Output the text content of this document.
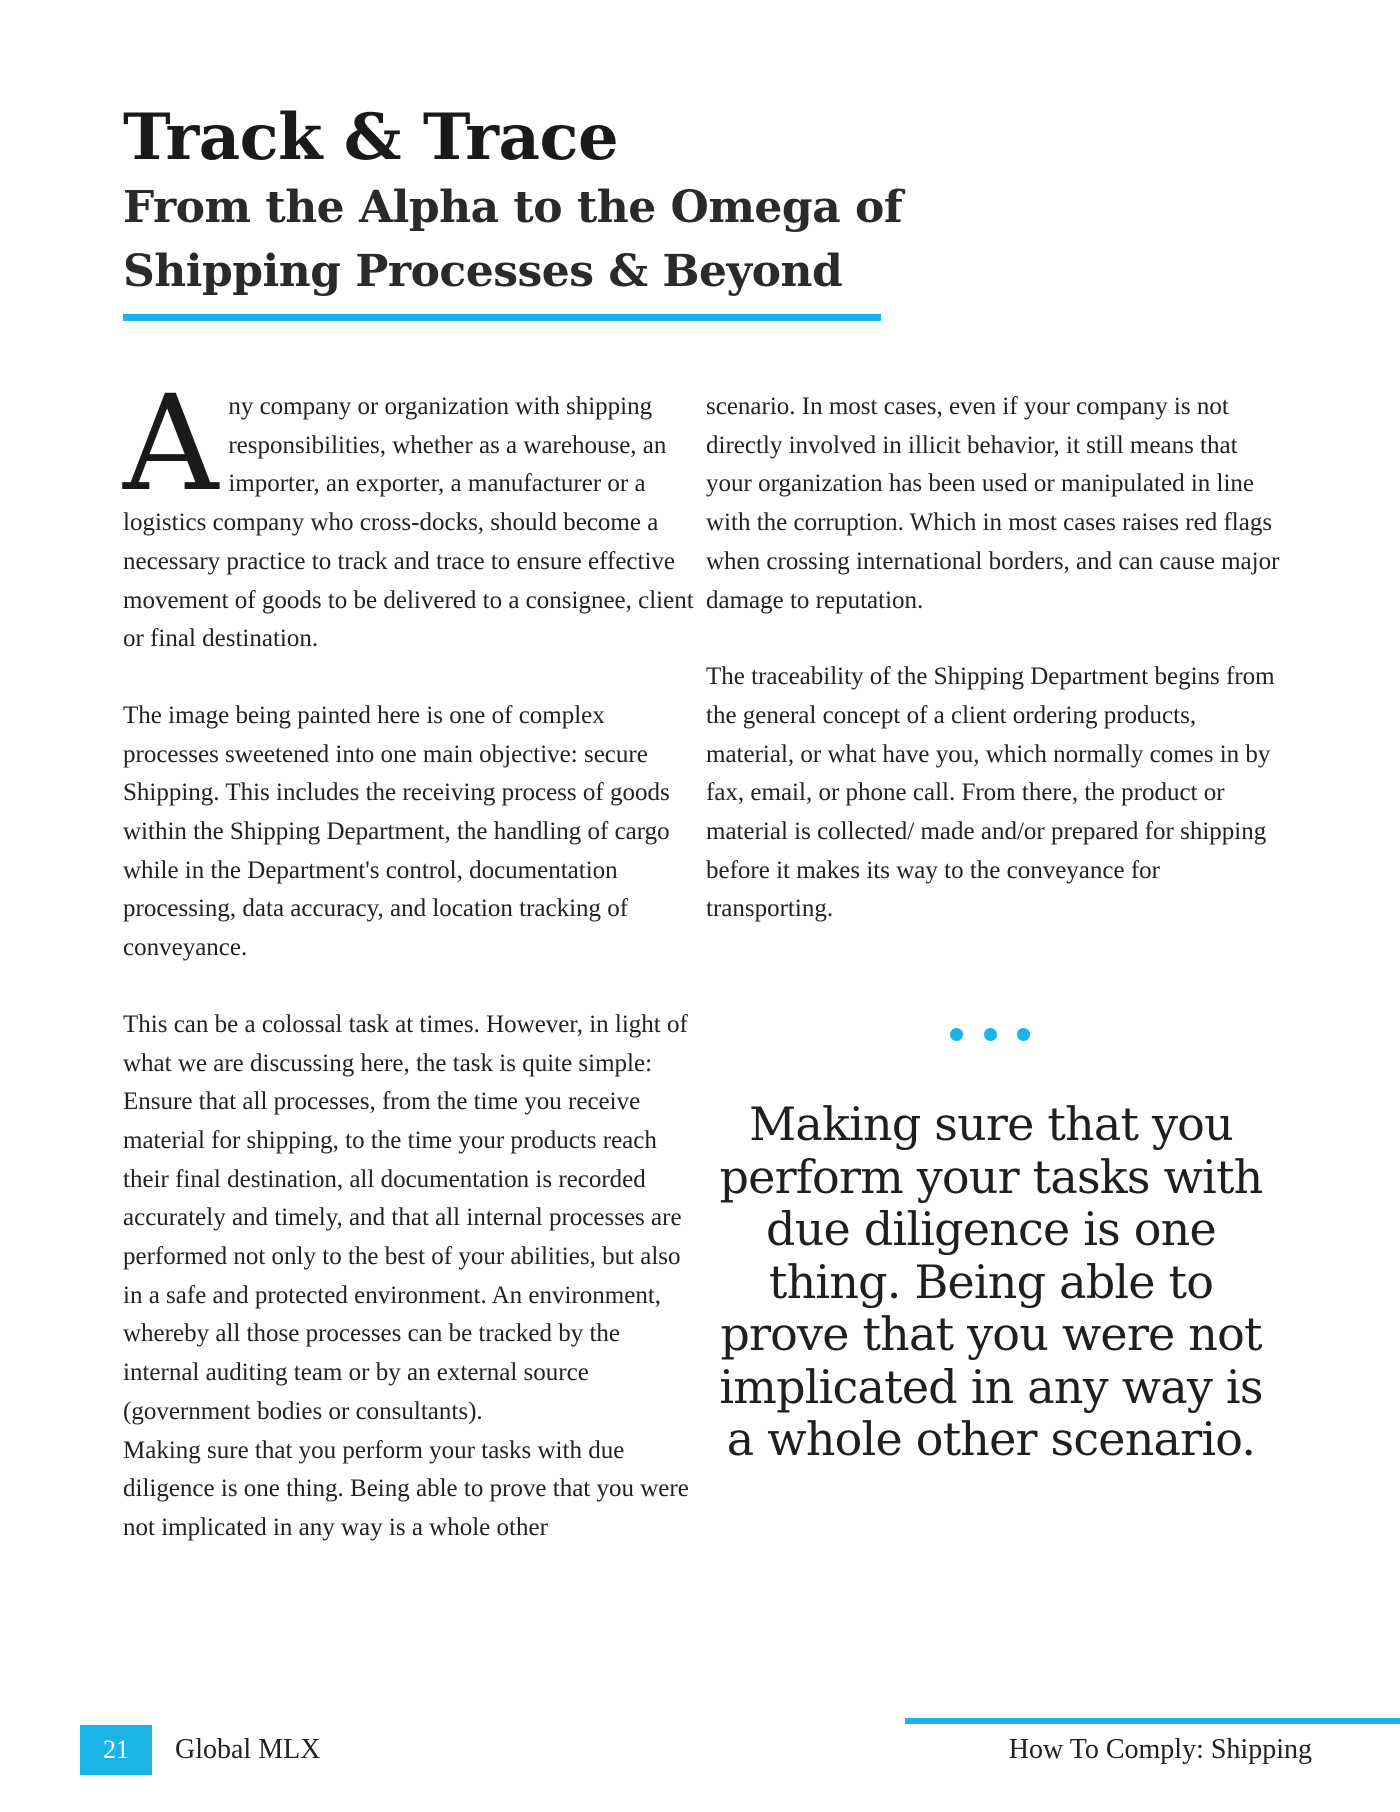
Track & Trace
From the Alpha to the Omega of Shipping Processes & Beyond

Any company or organization with shipping responsibilities, whether as a warehouse, an importer, an exporter, a manufacturer or a logistics company who cross-docks, should become a necessary practice to track and trace to ensure effective movement of goods to be delivered to a consignee, client or final destination.

The image being painted here is one of complex processes sweetened into one main objective: secure Shipping. This includes the receiving process of goods within the Shipping Department, the handling of cargo while in the Department's control, documentation processing, data accuracy, and location tracking of conveyance.

This can be a colossal task at times. However, in light of what we are discussing here, the task is quite simple: Ensure that all processes, from the time you receive material for shipping, to the time your products reach their final destination, all documentation is recorded accurately and timely, and that all internal processes are performed not only to the best of your abilities, but also in a safe and protected environment. An environment, whereby all those processes can be tracked by the internal auditing team or by an external source (government bodies or consultants).

Making sure that you perform your tasks with due diligence is one thing. Being able to prove that you were not implicated in any way is a whole other

scenario. In most cases, even if your company is not directly involved in illicit behavior, it still means that your organization has been used or manipulated in line with the corruption. Which in most cases raises red flags when crossing international borders, and can cause major damage to reputation.

The traceability of the Shipping Department begins from the general concept of a client ordering products, material, or what have you, which normally comes in by fax, email, or phone call. From there, the product or material is collected/ made and/or prepared for shipping before it makes its way to the conveyance for transporting.

Making sure that you perform your tasks with due diligence is one thing. Being able to prove that you were not implicated in any way is a whole other scenario.

21	Global MLX	How To Comply: Shipping
